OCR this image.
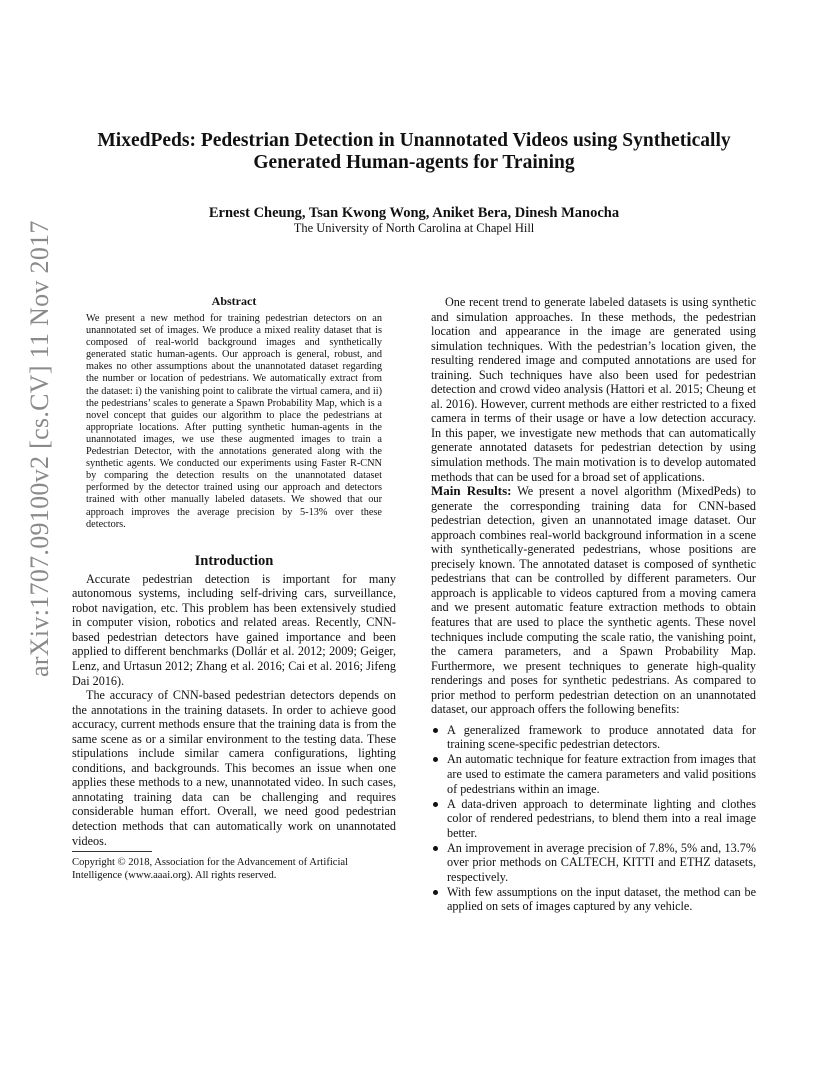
arXiv:1707.09100v2 [cs.CV] 11 Nov 2017
MixedPeds: Pedestrian Detection in Unannotated Videos using Synthetically
Generated Human-agents for Training
Ernest Cheung, Tsan Kwong Wong, Aniket Bera, Dinesh Manocha
The University of North Carolina at Chapel Hill
Abstract

We present a new method for training pedestrian detectors on an unannotated set of images. We produce a mixed reality dataset that is composed of real-world background images and synthetically generated static human-agents. Our approach is general, robust, and makes no other assumptions about the unannotated dataset regarding the number or location of pedestrians. We automatically extract from the dataset: i) the vanishing point to calibrate the virtual camera, and ii) the pedestrians’ scales to generate a Spawn Probability Map, which is a novel concept that guides our algorithm to place the pedestrians at appropriate locations. After putting synthetic human-agents in the unannotated images, we use these augmented images to train a Pedestrian Detector, with the annotations generated along with the synthetic agents. We conducted our experiments using Faster R-CNN by comparing the detection results on the unannotated dataset performed by the detector trained using our approach and detectors trained with other manually labeled datasets. We showed that our approach improves the average precision by 5-13% over these detectors.

Introduction

Accurate pedestrian detection is important for many autonomous systems, including self-driving cars, surveillance, robot navigation, etc. This problem has been extensively studied in computer vision, robotics and related areas. Recently, CNN-based pedestrian detectors have gained importance and been applied to different benchmarks (Dollár et al. 2012; 2009; Geiger, Lenz, and Urtasun 2012; Zhang et al. 2016; Cai et al. 2016; Jifeng Dai 2016).

The accuracy of CNN-based pedestrian detectors depends on the annotations in the training datasets. In order to achieve good accuracy, current methods ensure that the training data is from the same scene as or a similar environment to the testing data. These stipulations include similar camera configurations, lighting conditions, and backgrounds. This becomes an issue when one applies these methods to a new, unannotated video. In such cases, annotating training data can be challenging and requires considerable human effort. Overall, we need good pedestrian detection methods that can automatically work on unannotated videos.

Copyright © 2018, Association for the Advancement of Artificial Intelligence (www.aaai.org). All rights reserved.

One recent trend to generate labeled datasets is using synthetic and simulation approaches. In these methods, the pedestrian location and appearance in the image are generated using simulation techniques. With the pedestrian’s location given, the resulting rendered image and computed annotations are used for training. Such techniques have also been used for pedestrian detection and crowd video analysis (Hattori et al. 2015; Cheung et al. 2016). However, current methods are either restricted to a fixed camera in terms of their usage or have a low detection accuracy. In this paper, we investigate new methods that can automatically generate annotated datasets for pedestrian detection by using simulation methods. The main motivation is to develop automated methods that can be used for a broad set of applications.

Main Results: We present a novel algorithm (MixedPeds) to generate the corresponding training data for CNN-based pedestrian detection, given an unannotated image dataset. Our approach combines real-world background information in a scene with synthetically-generated pedestrians, whose positions are precisely known. The annotated dataset is composed of synthetic pedestrians that can be controlled by different parameters. Our approach is applicable to videos captured from a moving camera and we present automatic feature extraction methods to obtain features that are used to place the synthetic agents. These novel techniques include computing the scale ratio, the vanishing point, the camera parameters, and a Spawn Probability Map. Furthermore, we present techniques to generate high-quality renderings and poses for synthetic pedestrians. As compared to prior method to perform pedestrian detection on an unannotated dataset, our approach offers the following benefits:

A generalized framework to produce annotated data for training scene-specific pedestrian detectors.
An automatic technique for feature extraction from images that are used to estimate the camera parameters and valid positions of pedestrians within an image.
A data-driven approach to determinate lighting and clothes color of rendered pedestrians, to blend them into a real image better.
An improvement in average precision of 7.8%, 5% and, 13.7% over prior methods on CALTECH, KITTI and ETHZ datasets, respectively.
With few assumptions on the input dataset, the method can be applied on sets of images captured by any vehicle.
